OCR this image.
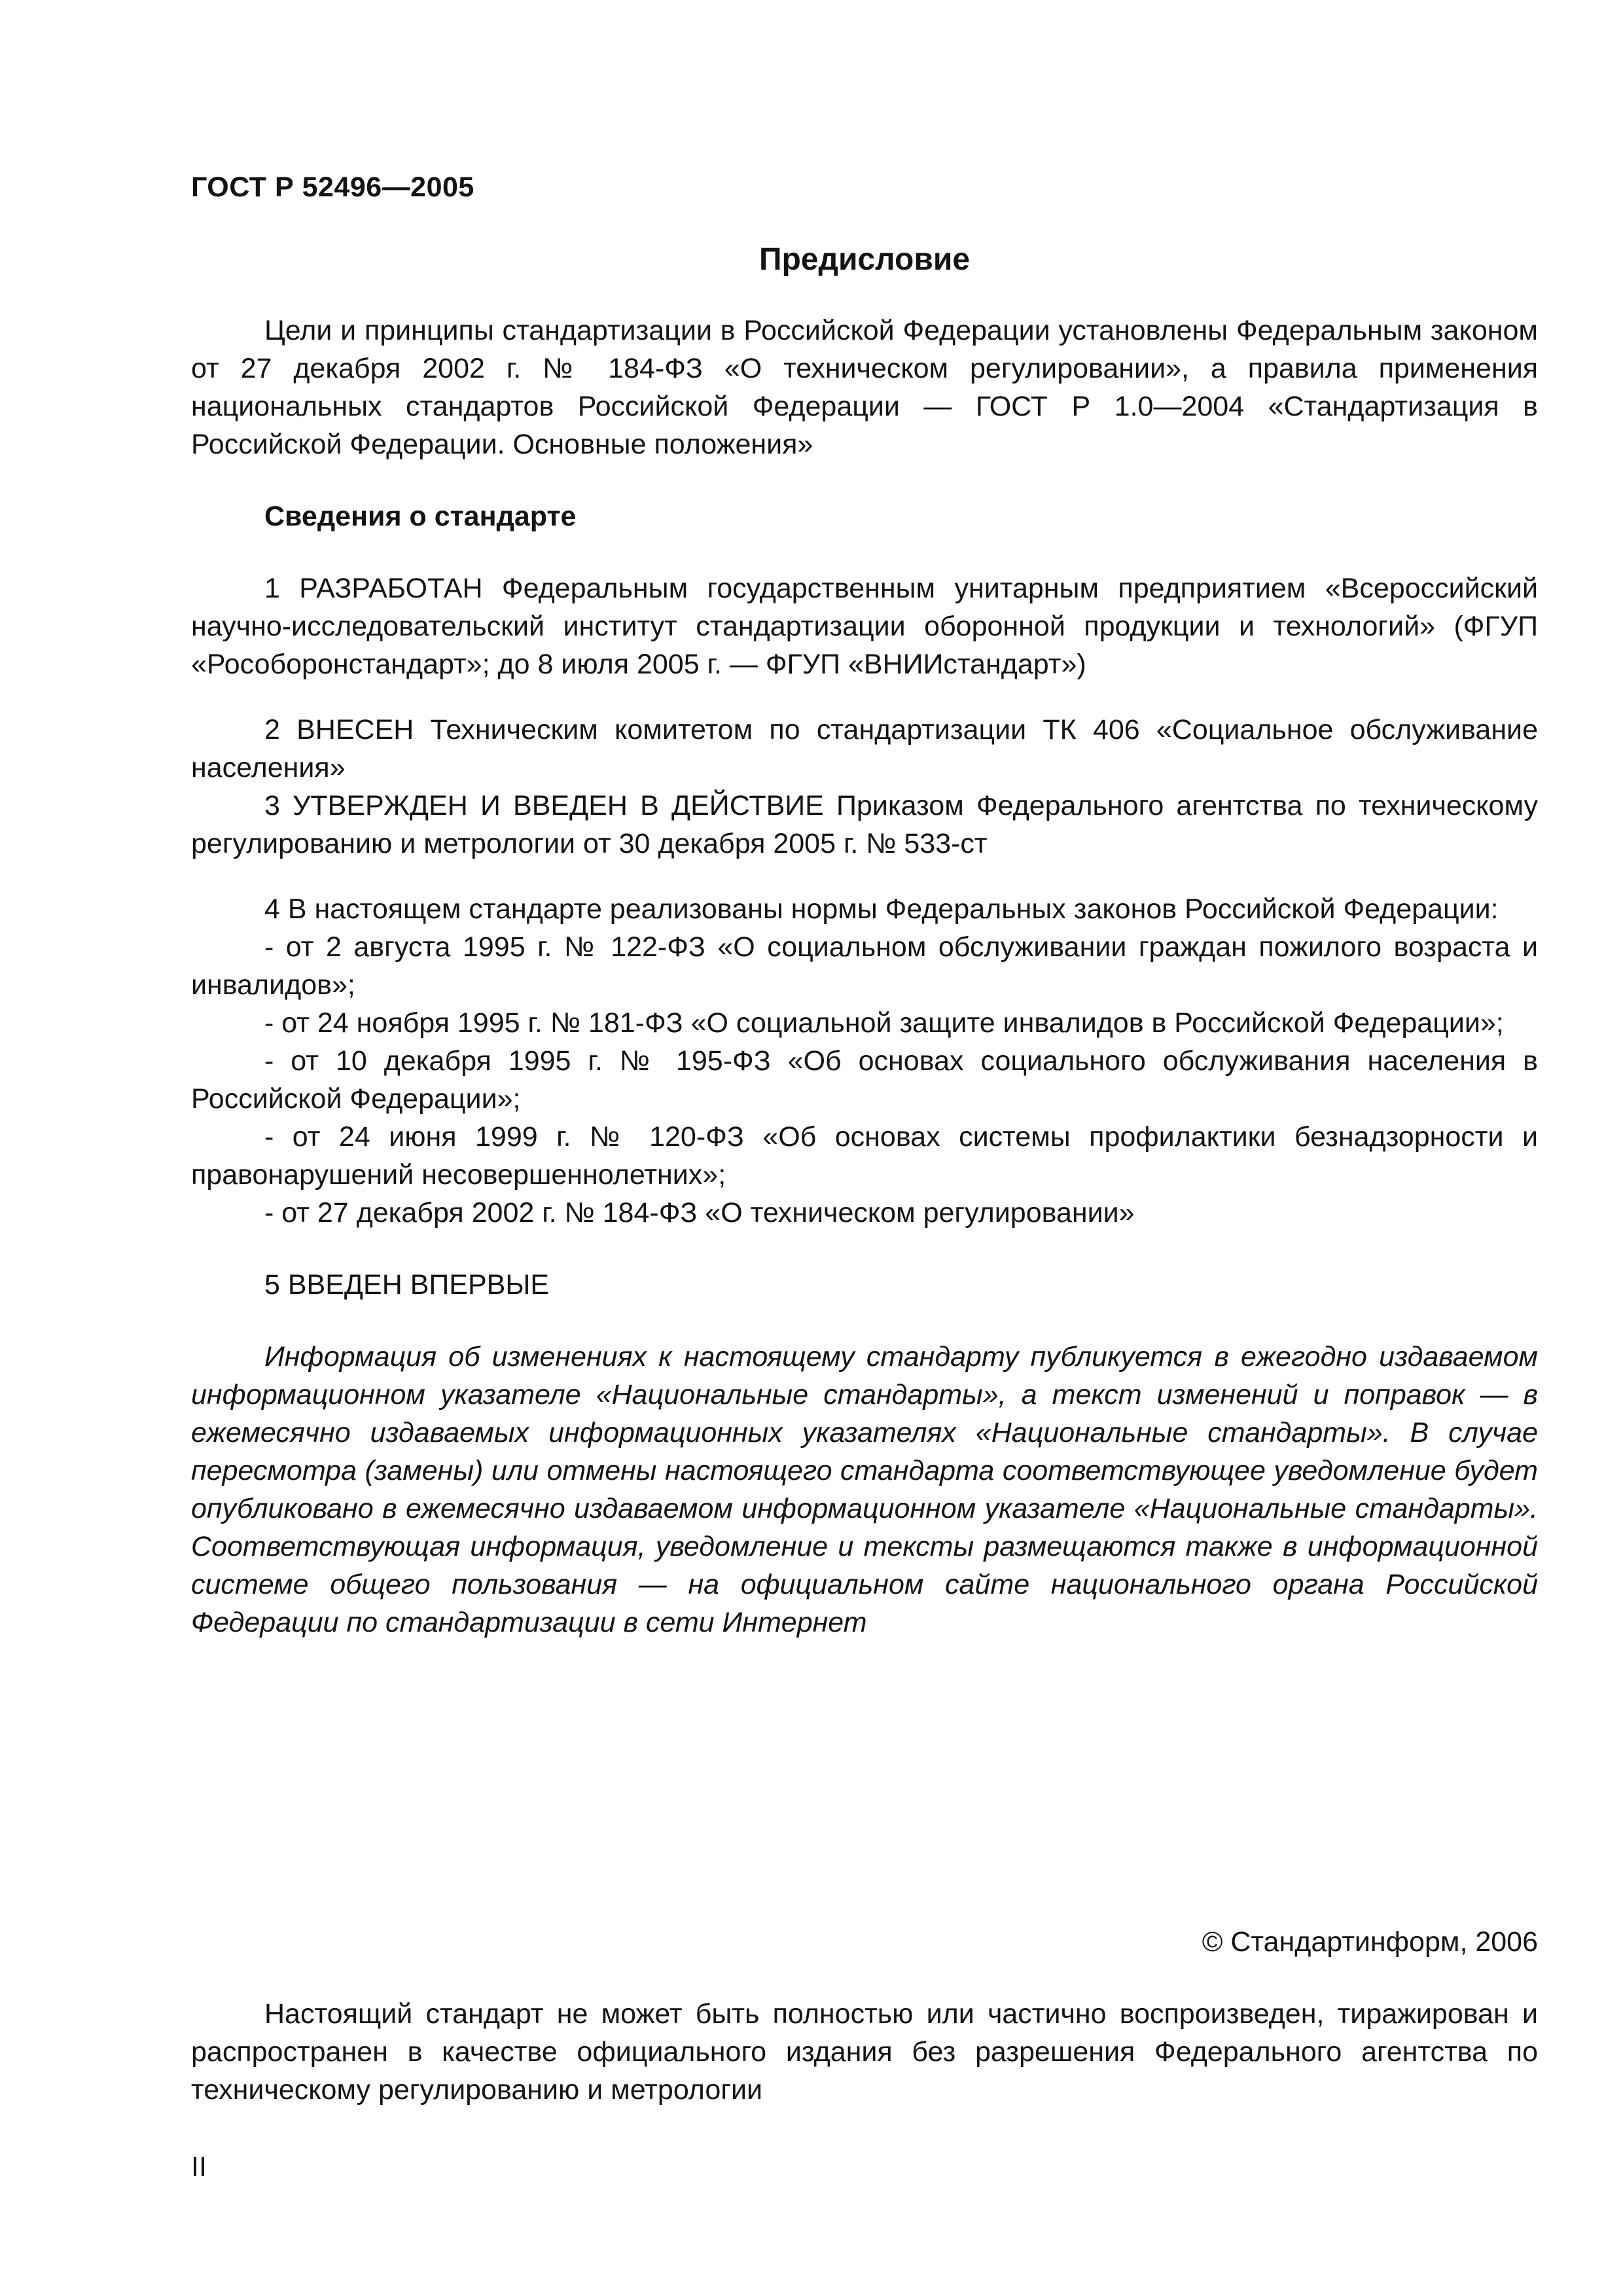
ГОСТ Р 52496—2005
Предисловие

Цели и принципы стандартизации в Российской Федерации установлены Федеральным законом от 27 декабря 2002 г. № 184-ФЗ «О техническом регулировании», а правила применения национальных стандартов Российской Федерации — ГОСТ Р 1.0—2004 «Стандартизация в Российской Федерации. Основные положения»

Сведения о стандарте

1 РАЗРАБОТАН Федеральным государственным унитарным предприятием «Всероссийский научно-исследовательский институт стандартизации оборонной продукции и технологий» (ФГУП «Рособоронстандарт»; до 8 июля 2005 г. — ФГУП «ВНИИстандарт»)

2 ВНЕСЕН Техническим комитетом по стандартизации ТК 406 «Социальное обслуживание населения»

3 УТВЕРЖДЕН И ВВЕДЕН В ДЕЙСТВИЕ Приказом Федерального агентства по техническому регулированию и метрологии от 30 декабря 2005 г. № 533-ст

4 В настоящем стандарте реализованы нормы Федеральных законов Российской Федерации:

- от 2 августа 1995 г. № 122-ФЗ «О социальном обслуживании граждан пожилого возраста и инвалидов»;

- от 24 ноября 1995 г. № 181-ФЗ «О социальной защите инвалидов в Российской Федерации»;

- от 10 декабря 1995 г. № 195-ФЗ «Об основах социального обслуживания населения в Российской Федерации»;

- от 24 июня 1999 г. № 120-ФЗ «Об основах системы профилактики безнадзорности и правонарушений несовершеннолетних»;

- от 27 декабря 2002 г. № 184-ФЗ «О техническом регулировании»

5 ВВЕДЕН ВПЕРВЫЕ

Информация об изменениях к настоящему стандарту публикуется в ежегодно издаваемом информационном указателе «Национальные стандарты», а текст изменений и поправок — в ежемесячно издаваемых информационных указателях «Национальные стандарты». В случае пересмотра (замены) или отмены настоящего стандарта соответствующее уведомление будет опубликовано в ежемесячно издаваемом информационном указателе «Национальные стандарты». Соответствующая информация, уведомление и тексты размещаются также в информационной системе общего пользования — на официальном сайте национального органа Российской Федерации по стандартизации в сети Интернет

© Стандартинформ, 2006

Настоящий стандарт не может быть полностью или частично воспроизведен, тиражирован и распространен в качестве официального издания без разрешения Федерального агентства по техническому регулированию и метрологии

II
